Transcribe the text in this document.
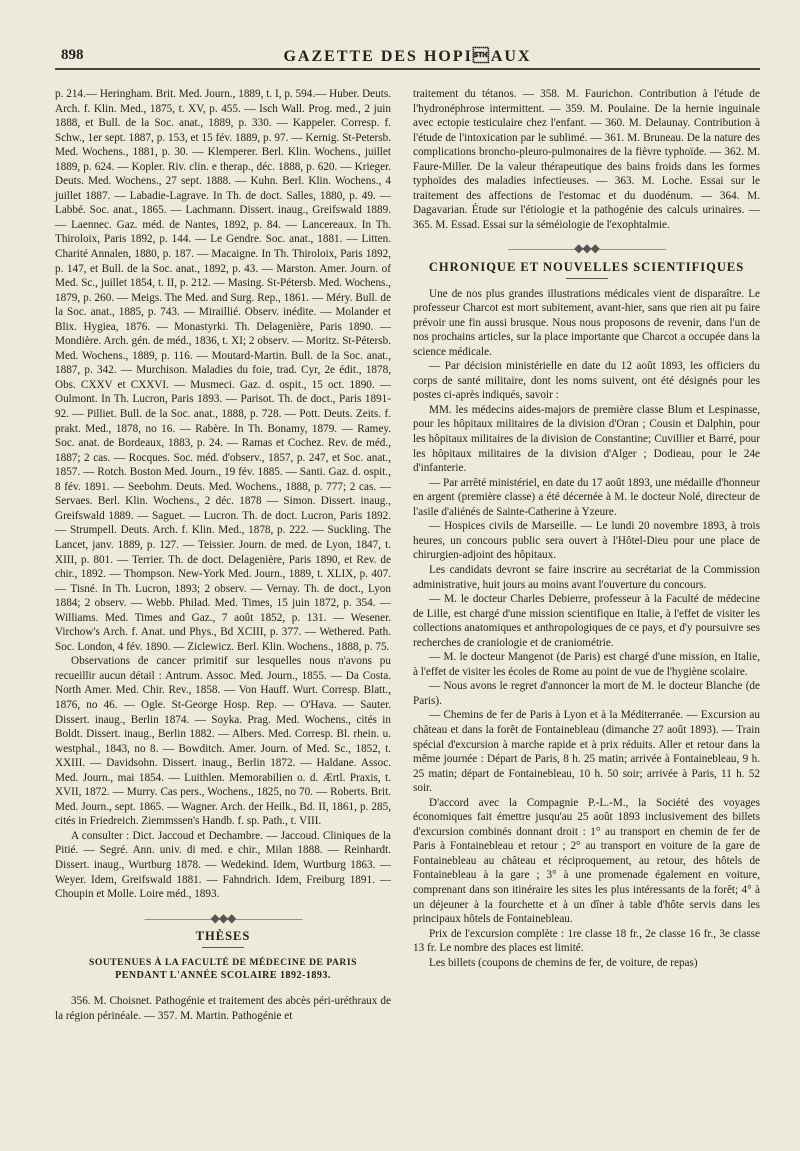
898	GAZETTE DES HOPIAUX

p. 214.— Heringham. Brit. Med. Journ., 1889, t. I, p. 594.— Huber. Deuts. Arch. f. Klin. Med., 1875, t. XV, p. 455. — Isch Wall. Prog. med., 2 juin 1888, et Bull. de la Soc. anat., 1889, p. 330. — Kappeler. Corresp. f. Schw., 1er sept. 1887, p. 153, et 15 fév. 1889, p. 97. — Kernig. St-Petersb. Med. Wochens., 1881, p. 30. — Klemperer. Berl. Klin. Wochens., juillet 1889, p. 624. — Kopler. Riv. clin. e therap., déc. 1888, p. 620. — Krieger. Deuts. Med. Wochens., 27 sept. 1888. — Kuhn. Berl. Klin. Wochens., 4 juillet 1887. — Labadie-Lagrave. In Th. de doct. Salles, 1880, p. 49. — Labbé. Soc. anat., 1865. — Lachmann. Dissert. inaug., Greifswald 1889. — Laennec. Gaz. méd. de Nantes, 1892, p. 84. — Lancereaux. In Th. Thiroloix, Paris 1892, p. 144. — Le Gendre. Soc. anat., 1881. — Litten. Charité Annalen, 1880, p. 187. — Macaigne. In Th. Thiroloix, Paris 1892, p. 147, et Bull. de la Soc. anat., 1892, p. 43. — Marston. Amer. Journ. of Med. Sc., juillet 1854, t. II, p. 212. — Masing. St-Pétersb. Med. Wochens., 1879, p. 260. — Meigs. The Med. and Surg. Rep., 1861. — Méry. Bull. de la Soc. anat., 1885, p. 743. — Miraillié. Observ. inédite. — Molander et Blix. Hygiea, 1876. — Monastyrki. Th. Delagenière, Paris 1890. — Mondière. Arch. gén. de méd., 1836, t. XI; 2 observ. — Moritz. St-Pétersb. Med. Wochens., 1889, p. 116. — Moutard-Martin. Bull. de la Soc. anat., 1887, p. 342. — Murchison. Maladies du foie, trad. Cyr, 2e édit., 1878, Obs. CXXV et CXXVI. — Musmeci. Gaz. d. ospit., 15 oct. 1890. — Oulmont. In Th. Lucron, Paris 1893. — Parisot. Th. de doct., Paris 1891-92. — Pilliet. Bull. de la Soc. anat., 1888, p. 728. — Pott. Deuts. Zeits. f. prakt. Med., 1878, no 16. — Rabère. In Th. Bonamy, 1879. — Ramey. Soc. anat. de Bordeaux, 1883, p. 24. — Ramas et Cochez. Rev. de méd., 1887; 2 cas. — Rocques. Soc. méd. d'observ., 1857, p. 247, et Soc. anat., 1857. — Rotch. Boston Med. Journ., 19 fév. 1885. — Santi. Gaz. d. ospit., 8 fév. 1891. — Seebohm. Deuts. Med. Wochens., 1888, p. 777; 2 cas. — Servaes. Berl. Klin. Wochens., 2 déc. 1878 — Simon. Dissert. inaug., Greifswald 1889. — Saguet. — Lucron. Th. de doct. Lucron, Paris 1892. — Strumpell. Deuts. Arch. f. Klin. Med., 1878, p. 222. — Suckling. The Lancet, janv. 1889, p. 127. — Teissier. Journ. de med. de Lyon, 1847, t. XIII, p. 801. — Terrier. Th. de doct. Delagenière, Paris 1890, et Rev. de chir., 1892. — Thompson. New-York Med. Journ., 1889, t. XLIX, p. 407. — Tisné. In Th. Lucron, 1893; 2 observ. — Vernay. Th. de doct., Lyon 1884; 2 observ. — Webb. Philad. Med. Times, 15 juin 1872, p. 354. — Williams. Med. Times and Gaz., 7 août 1852, p. 131. — Wesener. Virchow's Arch. f. Anat. und Phys., Bd XCIII, p. 377. — Wethered. Path. Soc. London, 4 fév. 1890. — Ziclewicz. Berl. Klin. Wochens., 1888, p. 75.

Observations de cancer primitif sur lesquelles nous n'avons pu recueillir aucun détail : Antrum. Assoc. Med. Journ., 1855. — Da Costa. North Amer. Med. Chir. Rev., 1858. — Von Hauff. Wurt. Corresp. Blatt., 1876, no 46. — Ogle. St-George Hosp. Rep. — O'Hava. — Sauter. Dissert. inaug., Berlin 1874. — Soyka. Prag. Med. Wochens., cités in Boldt. Dissert. inaug., Berlin 1882. — Albers. Med. Corresp. Bl. rhein. u. westphal., 1843, no 8. — Bowditch. Amer. Journ. of Med. Sc., 1852, t. XXIII. — Davidsohn. Dissert. inaug., Berlin 1872. — Haldane. Assoc. Med. Journ., mai 1854. — Luithlen. Memorabilien o. d. Ærtl. Praxis, t. XVII, 1872. — Murry. Cas pers., Wochens., 1825, no 70. — Roberts. Brit. Med. Journ., sept. 1865. — Wagner. Arch. der Heilk., Bd. II, 1861, p. 285, cités in Friedreich. Ziemmssen's Handb. f. sp. Path., t. VIII.

A consulter : Dict. Jaccoud et Dechambre. — Jaccoud. Cliniques de la Pitié. — Segré. Ann. univ. di med. e chir., Milan 1888. — Reinhardt. Dissert. inaug., Wurtburg 1878. — Wedekind. Idem, Wurtburg 1863. — Weyer. Idem, Greifswald 1881. — Fahndrich. Idem, Freiburg 1891. — Choupin et Molle. Loire méd., 1893.

——————◆◆◆——————
THÈSES
SOUTENUES À LA FACULTÉ DE MÉDECINE DE PARIS
PENDANT L'ANNÉE SCOLAIRE 1892-1893.

356. M. Choisnet. Pathogénie et traitement des abcès péri-uréthraux de la région périnéale. — 357. M. Martin. Pathogénie et

traitement du tétanos. — 358. M. Faurichon. Contribution à l'étude de l'hydronéphrose intermittent. — 359. M. Poulaine. De la hernie inguinale avec ectopie testiculaire chez l'enfant. — 360. M. Delaunay. Contribution à l'étude de l'intoxication par le sublimé. — 361. M. Bruneau. De la nature des complications broncho-pleuro-pulmonaires de la fièvre typhoïde. — 362. M. Faure-Miller. De la valeur thérapeutique des bains froids dans les formes typhoïdes des maladies infectieuses. — 363. M. Loche. Essai sur le traitement des affections de l'estomac et du duodénum. — 364. M. Dagavarian. Étude sur l'étiologie et la pathogénie des calculs urinaires. — 365. M. Essad. Essai sur la séméiologie de l'exophtalmie.

——————◆◆◆——————
CHRONIQUE ET NOUVELLES SCIENTIFIQUES

Une de nos plus grandes illustrations médicales vient de disparaître. Le professeur Charcot est mort subitement, avant-hier, sans que rien ait pu faire prévoir une fin aussi brusque. Nous nous proposons de revenir, dans l'un de nos prochains articles, sur la place importante que Charcot a occupée dans la science médicale.

— Par décision ministérielle en date du 12 août 1893, les officiers du corps de santé militaire, dont les noms suivent, ont été désignés pour les postes ci-après indiqués, savoir :

MM. les médecins aides-majors de première classe Blum et Lespinasse, pour les hôpitaux militaires de la division d'Oran ; Cousin et Dalphin, pour les hôpitaux militaires de la division de Constantine; Cuvillier et Barré, pour les hôpitaux militaires de la division d'Alger ; Dodieau, pour le 24e d'infanterie.

— Par arrêté ministériel, en date du 17 août 1893, une médaille d'honneur en argent (première classe) a été décernée à M. le docteur Nolé, directeur de l'asile d'aliénés de Sainte-Catherine à Yzeure.

— Hospices civils de Marseille. — Le lundi 20 novembre 1893, à trois heures, un concours public sera ouvert à l'Hôtel-Dieu pour une place de chirurgien-adjoint des hôpitaux.

Les candidats devront se faire inscrire au secrétariat de la Commission administrative, huit jours au moins avant l'ouverture du concours.

— M. le docteur Charles Debierre, professeur à la Faculté de médecine de Lille, est chargé d'une mission scientifique en Italie, à l'effet de visiter les collections anatomiques et anthropologiques de ce pays, et d'y poursuivre ses recherches de craniologie et de craniométrie.

— M. le docteur Mangenot (de Paris) est chargé d'une mission, en Italie, à l'effet de visiter les écoles de Rome au point de vue de l'hygiène scolaire.

— Nous avons le regret d'annoncer la mort de M. le docteur Blanche (de Paris).

— Chemins de fer de Paris à Lyon et à la Méditerranée. — Excursion au château et dans la forêt de Fontainebleau (dimanche 27 août 1893). — Train spécial d'excursion à marche rapide et à prix réduits. Aller et retour dans la même journée : Départ de Paris, 8 h. 25 matin; arrivée à Fontainebleau, 9 h. 25 matin; départ de Fontainebleau, 10 h. 50 soir; arrivée à Paris, 11 h. 52 soir.

D'accord avec la Compagnie P.-L.-M., la Société des voyages économiques fait émettre jusqu'au 25 août 1893 inclusivement des billets d'excursion combinés donnant droit : 1° au transport en chemin de fer de Paris à Fontainebleau et retour ; 2° au transport en voiture de la gare de Fontainebleau au château et réciproquement, au retour, des hôtels de Fontainebleau à la gare ; 3° à une promenade également en voiture, comprenant dans son itinéraire les sites les plus intéressants de la forêt; 4° à un déjeuner à la fourchette et à un dîner à table d'hôte servis dans les principaux hôtels de Fontainebleau.

Prix de l'excursion complète : 1re classe 18 fr., 2e classe 16 fr., 3e classe 13 fr. Le nombre des places est limité.

Les billets (coupons de chemins de fer, de voiture, de repas)
